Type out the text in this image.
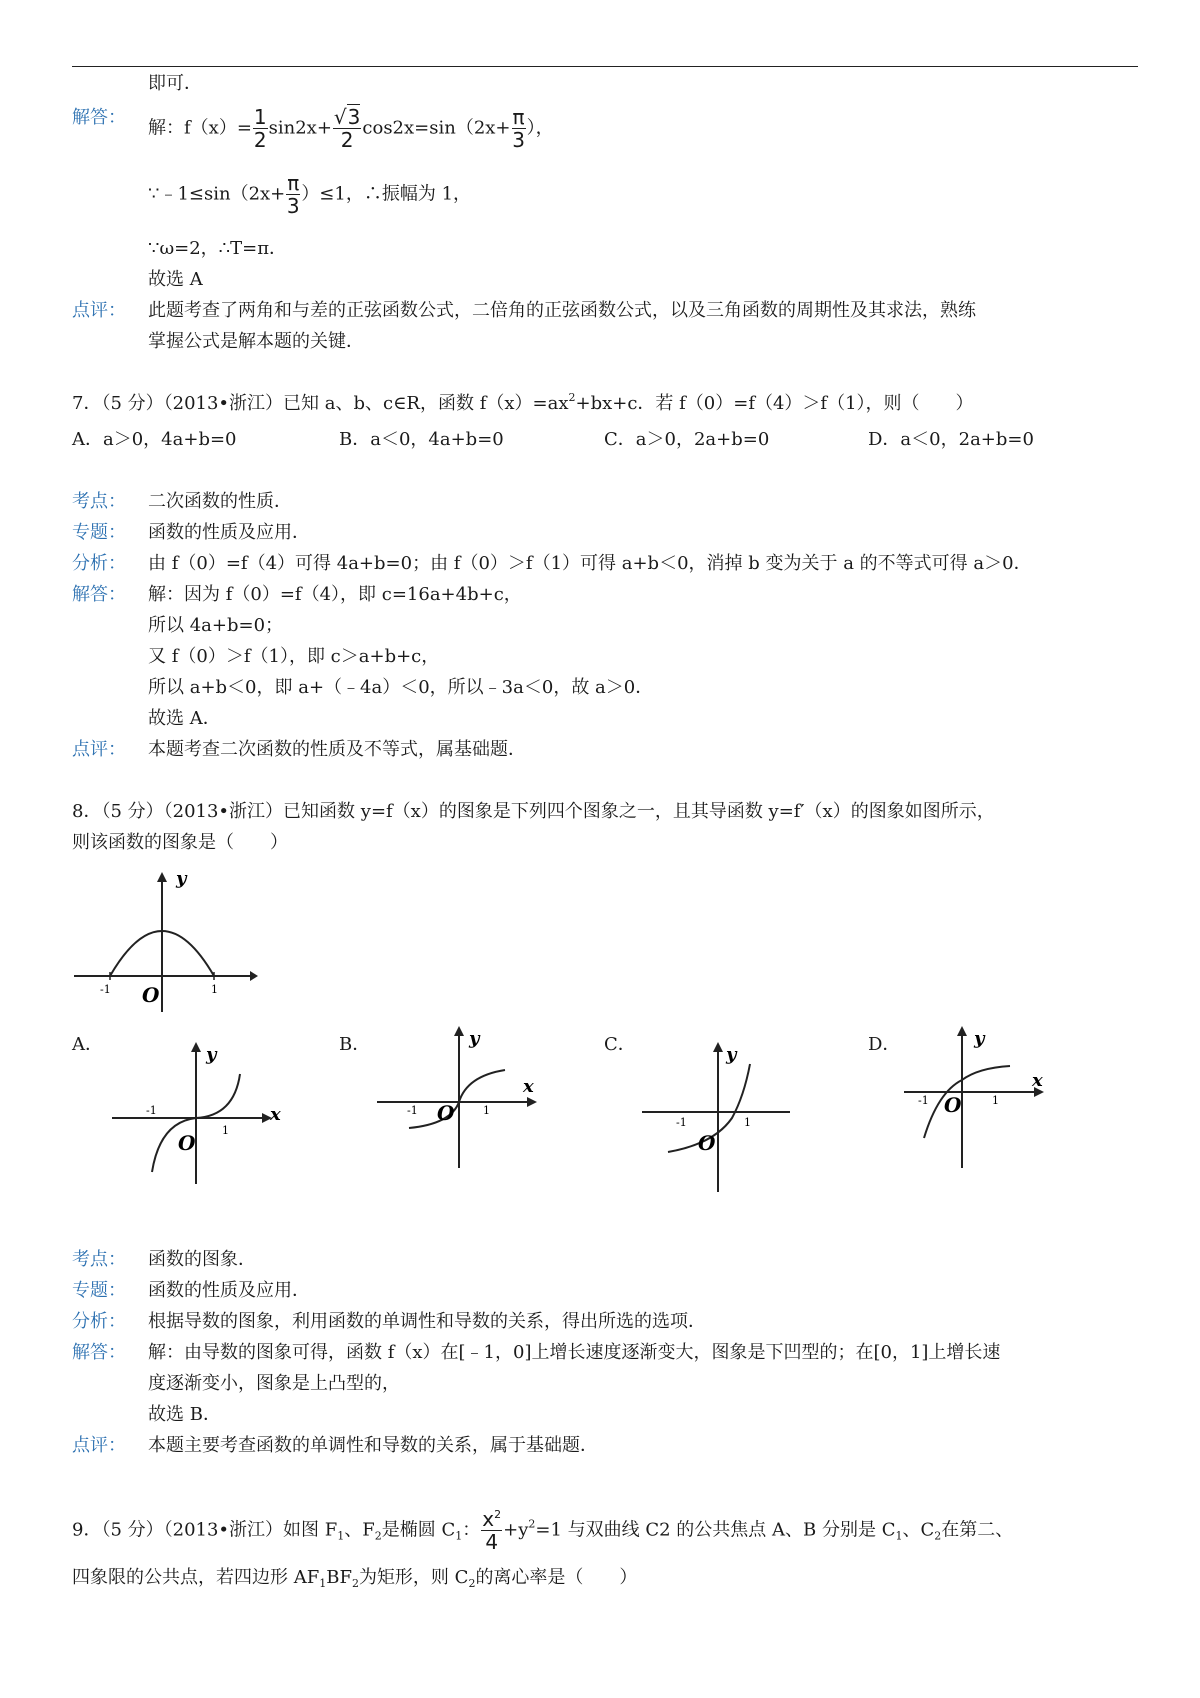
即可．
解答： 解：$f(x)= \frac{1}{2} \sin 2x+ \frac{√3}{2} \cos 2x=\sin(2x+ \frac{\pi}{3}$ ），
∵﹣1≤sin（2x+ $\frac{\pi}{3} )\le 1$，∴振幅为 1，
∵ω=2，∴T=π．
故选 A
点评： 此题考查了两角和与差的正弦函数公式，二倍角的正弦函数公式，以及三角函数的周期性及其求法，熟练
掌握公式是解本题的关键．
7．（5 分）（2013•浙江）已知 a、b、c∈R，函数 $f(x)=ax^2+bx+c$．若 f（0）=f（4）＞f（1），则（　　）
A．a＞0，4a+b=0	B．a＜0，4a+b=0	C．a＞0，2a+b=0	D．a＜0，2a+b=0
考点： 二次函数的性质．
专题： 函数的性质及应用．
分析： 由 f（0）=f（4）可得 4a+b=0；由 f（0）＞f（1）可得 a+b＜0，消掉 b 变为关于 a 的不等式可得 a＞0．
解答： 解：因为 f（0）=f（4），即 c=16a+4b+c，
所以 4a+b=0；
又 f（0）＞f（1），即 c＞a+b+c，
所以 a+b＜0，即 a+（﹣4a）＜0，所以﹣3a＜0，故 a＞0．
故选 A．
点评： 本题考查二次函数的性质及不等式，属基础题．
8．（5 分）（2013•浙江）已知函数 y=f（x）的图象是下列四个图象之一，且其导函数 y=f′（x）的图象如图所示，
则该函数的图象是（　　）
y
-1	1
O
A．	B．	C．	D．
y
x
-1
1
O
y
x
-1	1
O
y
-1	1
O
y
x
-1	1
O
考点： 函数的图象．
专题： 函数的性质及应用．
分析： 根据导数的图象，利用函数的单调性和导数的关系，得出所选的选项．
解答： 解：由导数的图象可得，函数 f（x）在[﹣1，0]上增长速度逐渐变大，图象是下凹型的；在[0，1]上增长速
度逐渐变小，图象是上凸型的，
故选 B．
点评： 本题主要考查函数的单调性和导数的关系，属于基础题．
9．（5 分）（2013•浙江）如图 $F_1$、$F_2$是椭圆 $C_1$： $\frac{x^2}{4} +y^2=1$ 与双曲线 C2 的公共焦点 A、B 分别是 $C_1$、$C_2$在第二、
四象限的公共点，若四边形 $AF_1BF_2$为矩形，则 $C_2$的离心率是（　　）
